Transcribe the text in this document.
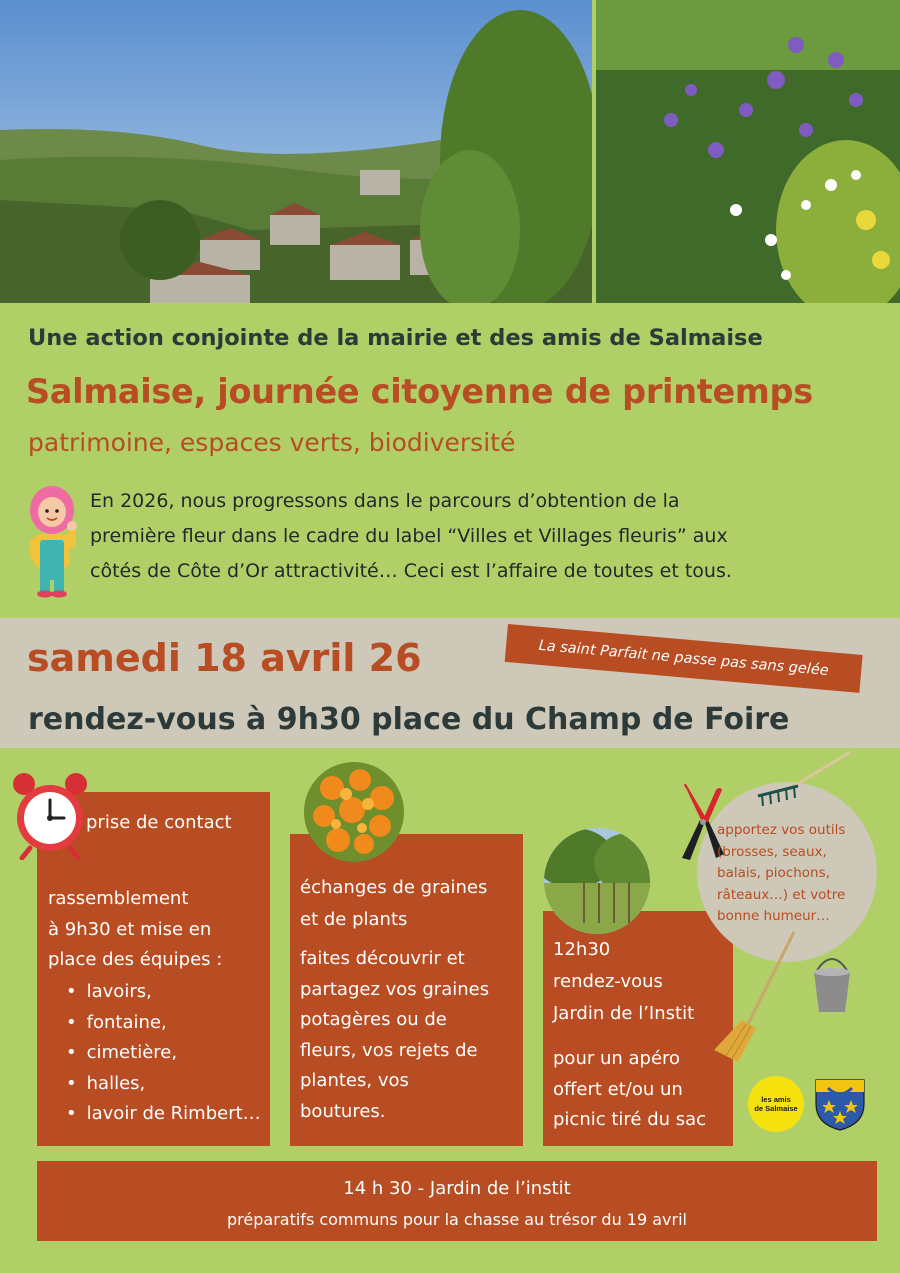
Une action conjointe de la mairie et des amis de Salmaise
Salmaise, journée citoyenne de printemps
patrimoine, espaces verts, biodiversité
En 2026, nous progressons dans le parcours d’obtention de la
première fleur dans le cadre du label “Villes et Villages fleuris” aux
côtés de Côte d’Or attractivité… Ceci est l’affaire de toutes et tous.
samedi 18 avril 26
rendez-vous à 9h30 place du Champ de Foire
La saint Parfait ne passe pas sans gelée
prise de contact
rassemblement
à 9h30 et mise en
place des équipes :
• lavoirs,
• fontaine,
• cimetière,
• halles,
• lavoir de Rimbert…
échanges de graines
et de plants
faites découvrir et
partagez vos graines
potagères ou de
fleurs, vos rejets de
plantes, vos
boutures.
12h30
rendez-vous
Jardin de l’Instit
pour un apéro
offert et/ou un
picnic tiré du sac
apportez vos outils
(brosses, seaux,
balais, piochons,
râteaux…) et votre
bonne humeur…
les amis
de Salmaise
14 h 30 - Jardin de l’instit
préparatifs communs pour la chasse au trésor du 19 avril
